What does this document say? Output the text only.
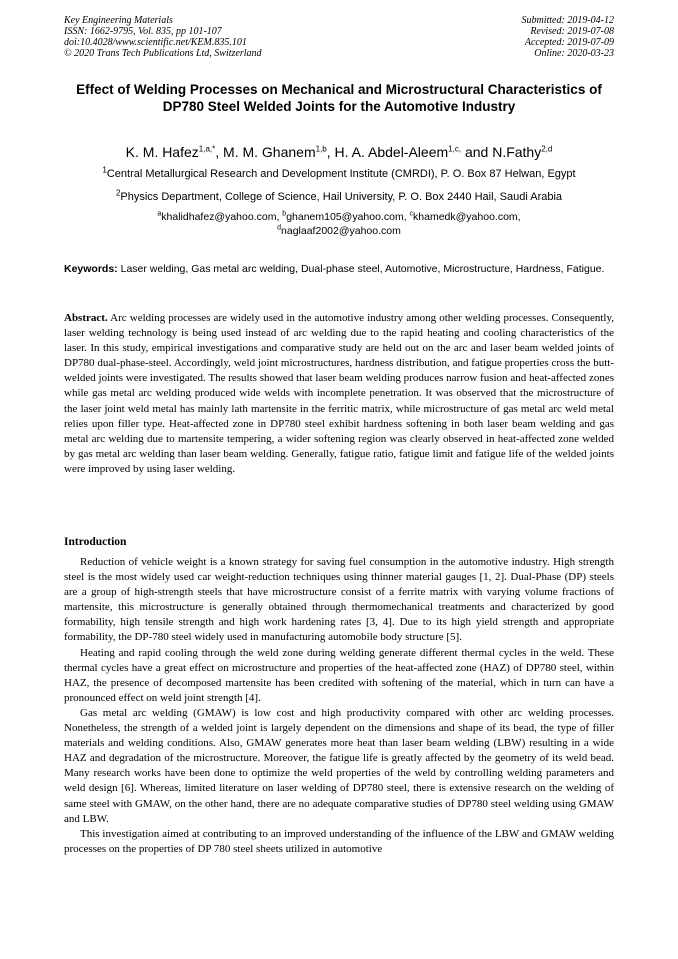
Key Engineering Materials
ISSN: 1662-9795, Vol. 835, pp 101-107
doi:10.4028/www.scientific.net/KEM.835.101
© 2020 Trans Tech Publications Ltd, Switzerland
Submitted: 2019-04-12
Revised: 2019-07-08
Accepted: 2019-07-09
Online: 2020-03-23
Effect of Welding Processes on Mechanical and Microstructural Characteristics of DP780 Steel Welded Joints for the Automotive Industry
K. M. Hafez$^{1,a,*}$, M. M. Ghanem$^{1,b}$, H. A. Abdel-Aleem$^{1,c,}$ and N.Fathy$^{2,d}$
$^1$Central Metallurgical Research and Development Institute (CMRDI), P. O. Box 87 Helwan, Egypt
$^2$Physics Department, College of Science, Hail University, P. O. Box 2440 Hail, Saudi Arabia
$^a$khalidhafez@yahoo.com, $^b$ghanem105@yahoo.com, $^c$khamedk@yahoo.com,
$^d$naglaaf2002@yahoo.com
Keywords: Laser welding, Gas metal arc welding, Dual-phase steel, Automotive, Microstructure, Hardness, Fatigue.
Abstract. Arc welding processes are widely used in the automotive industry among other welding processes. Consequently, laser welding technology is being used instead of arc welding due to the rapid heating and cooling characteristics of the laser. In this study, empirical investigations and comparative study are held out on the arc and laser beam welded joints of DP780 dual-phase-steel. Accordingly, weld joint microstructures, hardness distribution, and fatigue properties cross the butt-welded joints were investigated. The results showed that laser beam welding produces narrow fusion and heat-affected zones while gas metal arc welding produced wide welds with incomplete penetration. It was observed that the microstructure of the laser joint weld metal has mainly lath martensite in the ferritic matrix, while microstructure of gas metal arc weld metal relies upon filler type. Heat-affected zone in DP780 steel exhibit hardness softening in both laser beam welding and gas metal arc welding due to martensite tempering, a wider softening region was clearly observed in heat-affected zone welded by gas metal arc welding than laser beam welding. Generally, fatigue ratio, fatigue limit and fatigue life of the welded joints were improved by using laser welding.
Introduction

Reduction of vehicle weight is a known strategy for saving fuel consumption in the automotive industry. High strength steel is the most widely used car weight-reduction techniques using thinner material gauges [1, 2]. Dual-Phase (DP) steels are a group of high-strength steels that have microstructure consist of a ferrite matrix with varying volume fractions of martensite, this microstructure is generally obtained through thermomechanical treatments and characterized by good formability, high tensile strength and high work hardening rates [3, 4]. Due to its high yield strength and appropriate formability, the DP-780 steel widely used in manufacturing automobile body structure [5].

Heating and rapid cooling through the weld zone during welding generate different thermal cycles in the weld. These thermal cycles have a great effect on microstructure and properties of the heat-affected zone (HAZ) of DP780 steel, within HAZ, the presence of decomposed martensite has been credited with softening of the material, which in turn can have a pronounced effect on weld joint strength [4].

Gas metal arc welding (GMAW) is low cost and high productivity compared with other arc welding processes. Nonetheless, the strength of a welded joint is largely dependent on the dimensions and shape of its bead, the type of filler materials and welding conditions. Also, GMAW generates more heat than laser beam welding (LBW) resulting in a wide HAZ and degradation of the microstructure. Moreover, the fatigue life is greatly affected by the geometry of its weld bead. Many research works have been done to optimize the weld properties of the weld by controlling welding parameters and weld design [6]. Whereas, limited literature on laser welding of DP780 steel, there is extensive research on the welding of same steel with GMAW, on the other hand, there are no adequate comparative studies of DP780 steel welding using GMAW and LBW.

This investigation aimed at contributing to an improved understanding of the influence of the LBW and GMAW welding processes on the properties of DP 780 steel sheets utilized in automotive
